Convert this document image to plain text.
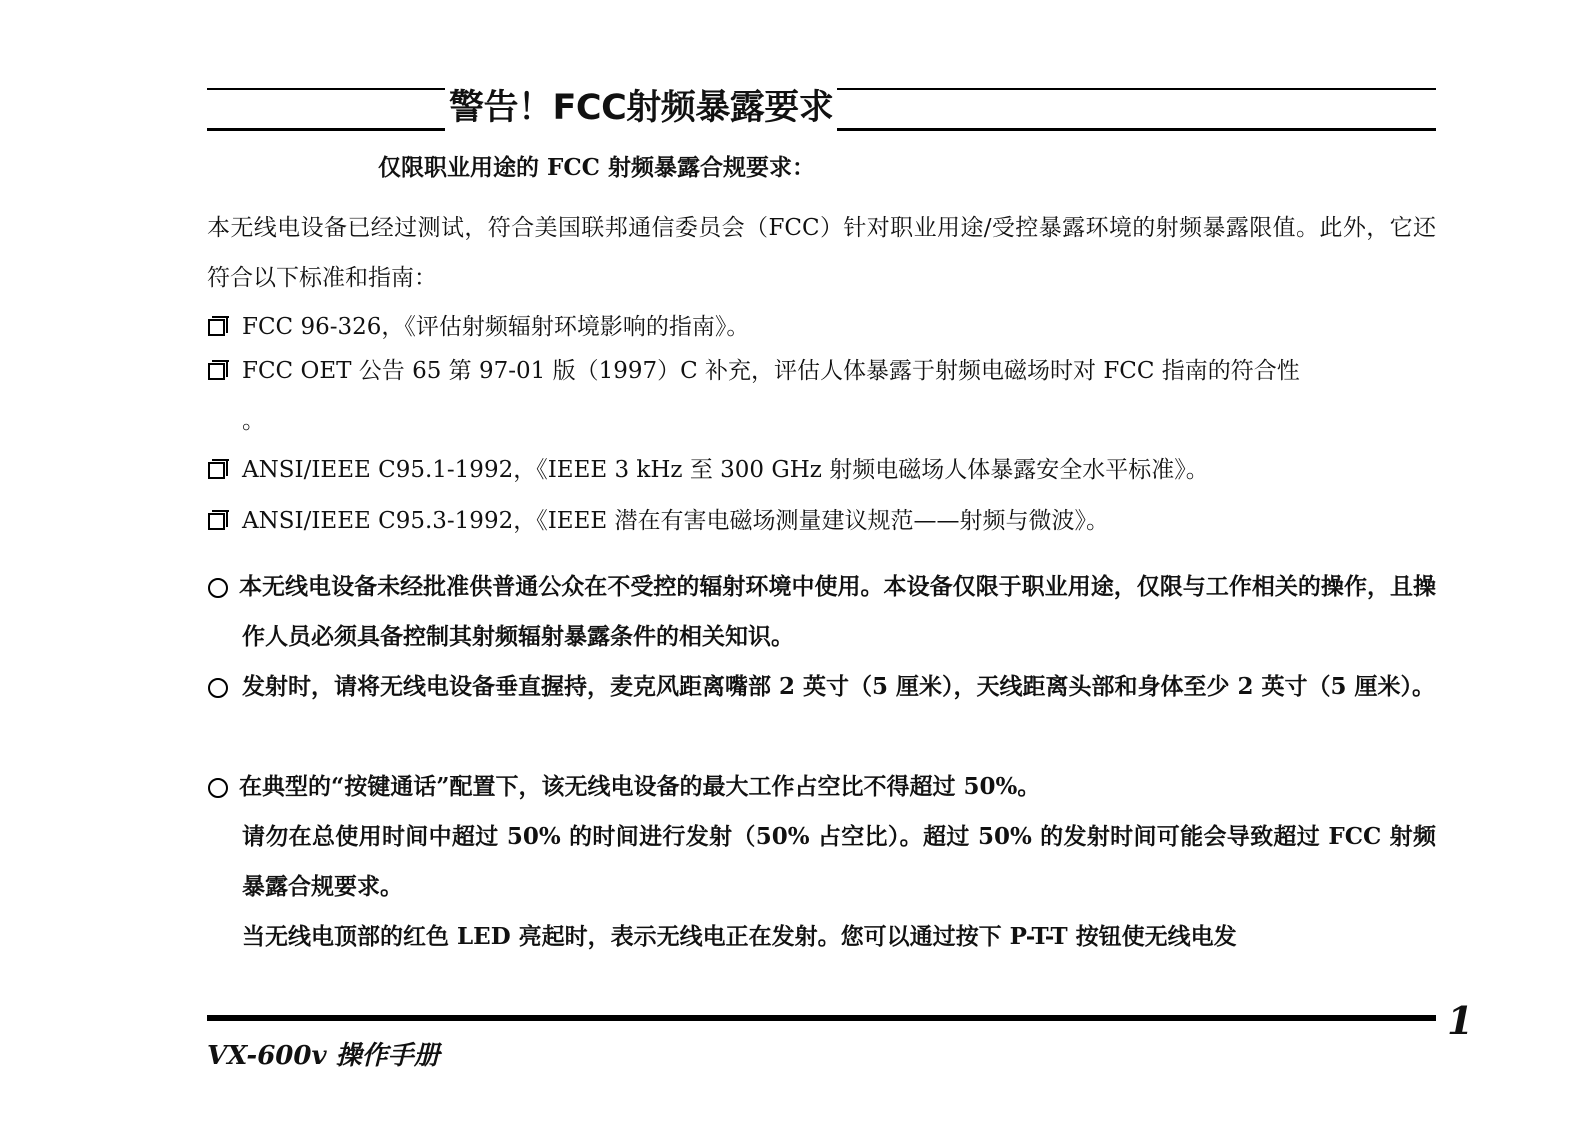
警告！FCC射频暴露要求
仅限职业用途的 FCC 射频暴露合规要求：

本无线电设备已经过测试，符合美国联邦通信委员会（FCC）针对职业用途/受控暴露环境的射频暴露限值。此外，它还符合以下标准和指南：

FCC 96-326，《评估射频辐射环境影响的指南》。
FCC OET 公告 65 第 97-01 版（1997）C 补充，评估人体暴露于射频电磁场时对 FCC 指南的符合性
。
ANSI/IEEE C95.1-1992，《IEEE 3 kHz 至 300 GHz 射频电磁场人体暴露安全水平标准》。
ANSI/IEEE C95.3-1992，《IEEE 潜在有害电磁场测量建议规范——射频与微波》。
本无线电设备未经批准供普通公众在不受控的辐射环境中使用。本设备仅限于职业用途，仅限与工作相关的操作，且操作人员必须具备控制其射频辐射暴露条件的相关知识。
发射时，请将无线电设备垂直握持，麦克风距离嘴部 2 英寸（5 厘米），天线距离头部和身体至少 2 英寸（5 厘米）。
在典型的“按键通话”配置下，该无线电设备的最大工作占空比不得超过 50%。

请勿在总使用时间中超过 50% 的时间进行发射（50% 占空比）。超过 50% 的发射时间可能会导致超过 FCC 射频暴露合规要求。

当无线电顶部的红色 LED 亮起时，表示无线电正在发射。您可以通过按下 P-T-T 按钮使无线电发

1
VX-600v 操作手册
